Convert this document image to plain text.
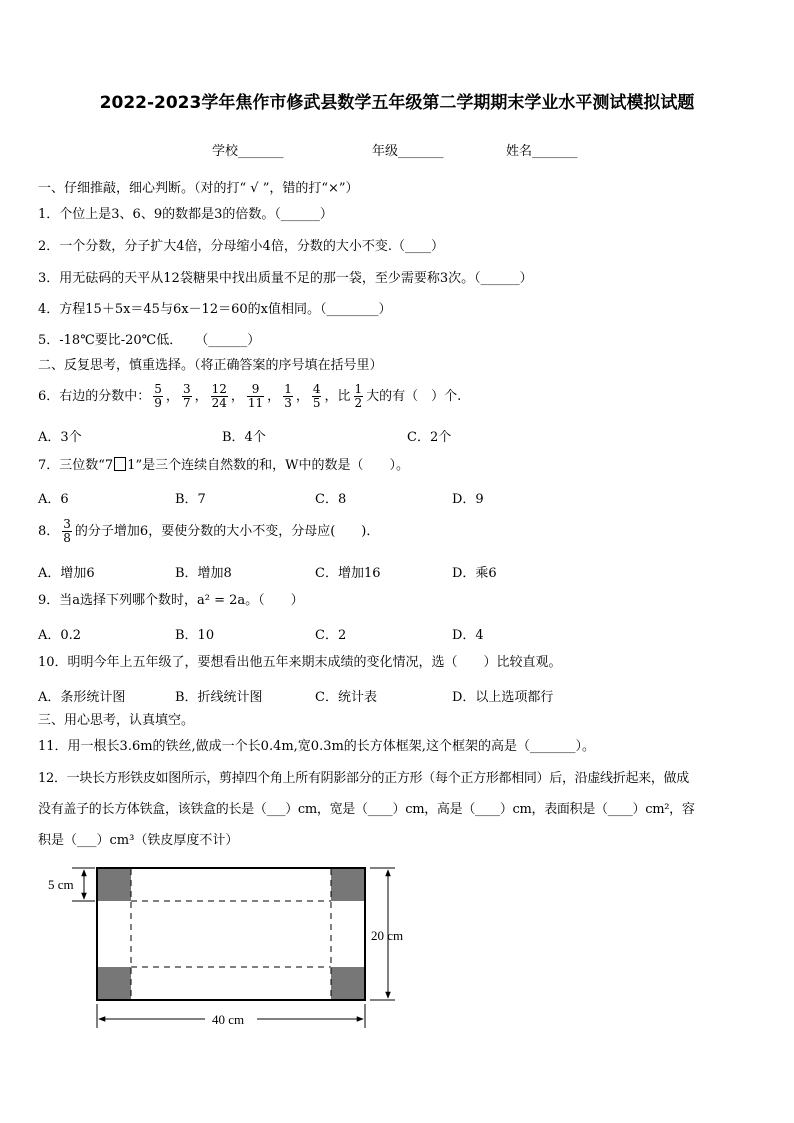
2022-2023学年焦作市修武县数学五年级第二学期期末学业水平测试模拟试题
学校_______	年级_______	姓名_______
一、仔细推敲，细心判断。（对的打“ √ ”，错的打“×”）
1．个位上是3、6、9的数都是3的倍数。（______）
2．一个分数，分子扩大4倍，分母缩小4倍，分数的大小不变.（____）
3．用无砝码的天平从12袋糖果中找出质量不足的那一袋，至少需要称3次。（______）
4．方程15＋5x＝45与6x－12＝60的x值相同。（________）
5．-18℃要比-20℃低．　　（______）
二、反复思考，慎重选择。（将正确答案的序号填在括号里）
6．右边的分数中： $\frac{5}{9}$ ， $\frac{3}{7}$ ， $\frac{12}{24}$ ， $\frac{9}{11}$ ， $\frac{1}{3}$ ， $\frac{4}{5}$ ，比 $\frac{1}{2}$ 大的有（　）个.
A．3个	B．4个	C．2个
7．三位数“7 1”是三个连续自然数的和，W中的数是（　　）。
A．6	B．7	C．8	D．9
8． $\frac{3}{8}$ 的分子增加6，要使分数的大小不变，分母应(　　)．
A．增加6	B．增加8	C．增加16	D．乘6
9．当a选择下列哪个数时，a² = 2a。（　　）
A．0.2	B．10	C．2	D．4
10．明明今年上五年级了，要想看出他五年来期末成绩的变化情况，选（　　）比较直观。
A．条形统计图	B．折线统计图	C．统计表	D．以上选项都行
三、用心思考，认真填空。
11．用一根长3.6m的铁丝,做成一个长0.4m,宽0.3m的长方体框架,这个框架的高是（_______）。
12．一块长方形铁皮如图所示，剪掉四个角上所有阴影部分的正方形（每个正方形都相同）后，沿虚线折起来，做成
没有盖子的长方体铁盒，该铁盒的长是（___）cm，宽是（____）cm，高是（____）cm，表面积是（____）cm²，容
积是（___）cm³（铁皮厚度不计）
5 cm
20 cm
40 cm
